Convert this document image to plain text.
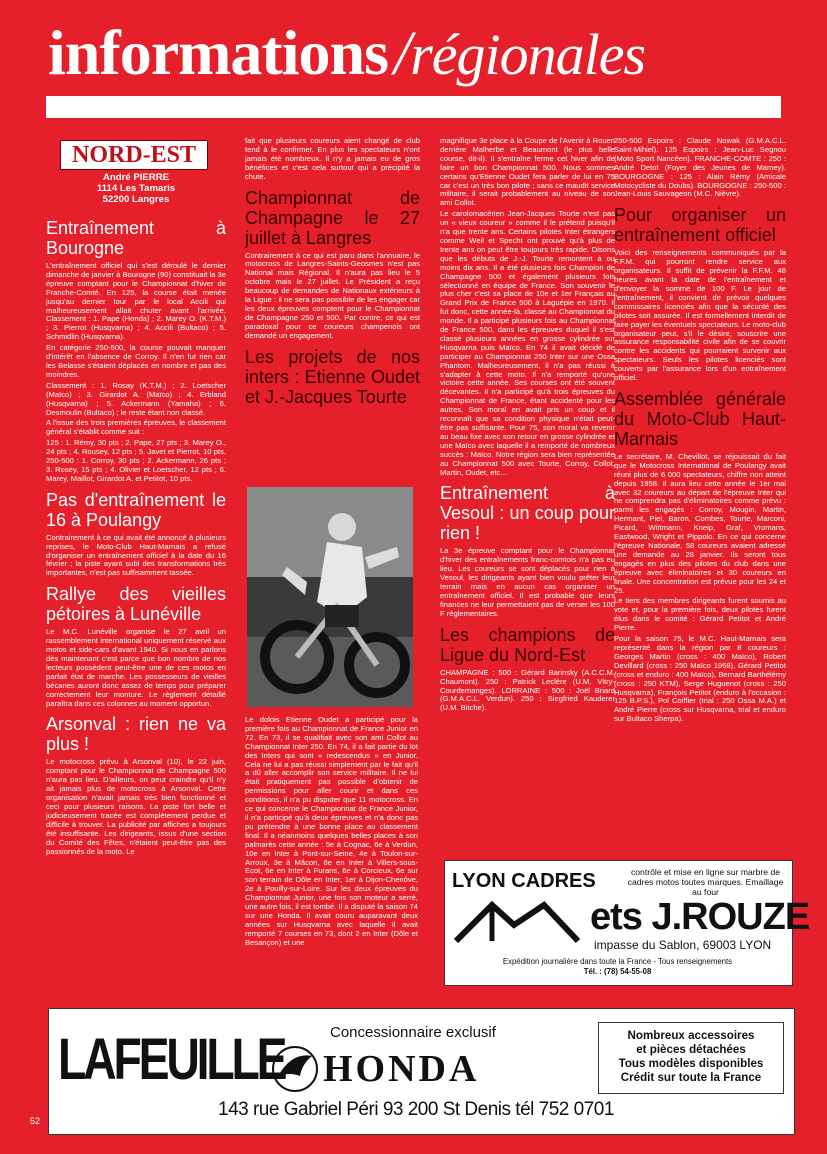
informations/régionales
NORD-EST
André PIERRE
1114 Les Tamaris
52200 Langres
Entraînement à Bourogne

L'entraînement officiel qui s'est déroulé le dernier dimanche de janvier à Bourogne (90) constituait la 3e épreuve comptant pour le Championnat d'hiver de Franche-Comté. En 125, la course était menée jusqu'au dernier tour par le local Accili qui malheureusement allait chuter avant l'arrivée. Classement : 1. Pape (Honda) ; 2. Marey O. (K.T.M.) ; 3. Pierrot (Husqvarna) ; 4. Accili (Bultaco) ; 5. Schmidlin (Husqvarna).

En catégorie 250-500, la course pouvait manquer d'intérêt en l'absence de Corroy. Il n'en fut rien car les Belasse s'étaient déplacés en nombre et pas des moindres.

Classement : 1. Rosay (K.T.M.) ; 2. Loetscher (Maïco) ; 3. Girardot A. (Maïco) ; 4. Erbland (Husqvarna) ; 5. Ackermann (Yamaha) ; 6. Desmoulin (Bultaco) ; le reste étant non classé.

A l'issue des trois premières épreuves, le classement général s'établit comme suit :

125 : 1. Rémy, 30 pts ; 2. Pape, 27 pts ; 3. Marey O., 24 pts ; 4. Rousey, 12 pts ; 5. Javet et Pierrot, 10 pts. 250-500 : 1. Corroy, 30 pts ; 2. Ackermann, 26 pts ; 3. Rosey, 15 pts ; 4. Olivier et Loetscher, 12 pts ; 6. Marey, Maillot, Girardot A. et Petitot, 10 pts.

Pas d'entraînement le 16 à Poulangy

Contrairement à ce qui avait été annoncé à plusieurs reprises, le Moto-Club Haut-Marnais a refusé d'organiser un entraînement officiel à la date du 16 février ; la piste ayant subi des transformations très importantes, n'est pas suffisamment tassée.

Rallye des vieilles pétoires à Lunéville

Le M.C. Lunéville organise le 27 avril un rassemblement international uniquement réservé aux motos et side-cars d'avant 1940. Si nous en parlons dès maintenant c'est parce que bon nombre de nos lecteurs possèdent peut-être une de ces motos en parfait état de marche. Les possesseurs de vieilles bécanes auront donc assez de temps pour préparer correctement leur monture. Le règlement détaillé paraîtra dans ces colonnes au moment opportun.

Arsonval : rien ne va plus !

Le motocross prévu à Arsonval (10), le 22 juin, comptant pour le Championnat de Champagne 500 n'aura pas lieu. D'ailleurs, on peut craindre qu'il n'y ait jamais plus de motocross à Arsonval. Cette organisation n'avait jamais très bien fonctionné et ceci pour plusieurs raisons. La piste fort belle et judicieusement tracée est complètement perdue et difficile à trouver. La publicité par affiches a toujours été insuffisante. Les dirigeants, issus d'une section du Comité des Fêtes, n'étaient peut-être pas des passionnés de la moto. Le

fait que plusieurs coureurs aient changé de club tend à le confirmer. En plus les spectateurs n'ont jamais été nombreux. Il n'y a jamais eu de gros bénéfices et c'est cela surtout qui a précipité la chute.

Championnat de Champagne le 27 juillet à Langres

Contrairement à ce qui est paru dans l'annuaire, le motocross de Langres-Saints-Geosmes n'est pas National mais Régional. Il n'aura pas lieu le 5 octobre mais le 27 juillet. Le Président a reçu beaucoup de demandes de Nationaux extérieurs à la Ligue : il ne sera pas possible de les engager car les deux épreuves comptent pour le Championnat de Champagne 250 et 500. Par contre, ce qui est paradoxal pour ce coureurs champenois ont demandé un engagement.

Les projets de nos inters : Etienne Oudet et J.-Jacques Tourte

Le dolois Etienne Oudet a participé pour la première fois au Championnat de France Junior en 72. En 73, il se qualifiait avec son ami Collot au Championnat Inter 250. En 74, il a fait partie du lot des Inters qui sont « redescendus » en Junior. Cela ne lui a pas réussi simplement par le fait qu'il a dû aller accomplir son service militaire. Il ne lui était pratiquement pas possible d'obtenir de permissions pour aller courir et dans ces conditions, il n'a pu disputer que 11 motocross. En ce qui concerne le Championnat de France Junior, il n'a participé qu'à deux épreuves et n'a donc pas pu prétendre à une bonne place au classement final. Il a néanmoins quelques belles places à son palmarès cette année : 5e à Cognac, 6e à Verdun, 10e en Inter à Pont-sur-Seine, 4e à Toulon-sur-Arroux, 3e à Mâcon, 8e en Inter à Villers-sous-Ecot, 6e en Inter à Furans, 6e à Corcieux, 6e sur son terrain de Dôle en Inter, 1er à Dijon-Chenôve, 2e à Pouilly-sur-Loire. Sur les deux épreuves du Championnat Junior, une fois son moteur a serré, une autre fois, il est tombé. Il a disputé la saison 74 sur une Honda. Il avait couru auparavant deux années sur Husqvarna avec laquelle il avait remporté 7 courses en 73, dont 2 en Inter (Dôle et Besançon) et une

magnifique 3e place à la Coupe de l'Avenir à Rouen derrière Malherbe et Beaumont (le plus belle course, dit-il). Il s'entraîne ferme cet hiver afin de faire un bon Championnat 500. Nous sommes certains qu'Etienne Oudet fera parler de lui en 75 car c'est un très bon pilote ; sans ce maudit service militaire, il serait probablement au niveau de son ami Collot.

Le carolomacérien Jean-Jacques Tourte n'est pas un « vieux coureur » comme il le prétend puisqu'il n'a que trente ans. Certains pilotes Inter étrangers comme Weil et Specht ont prouvé qu'à plus de trente ans on peut être toujours très rapide. Disons que les débuts de J.-J. Tourte remontent à ou moins dix ans. Il a été plusieurs fois Champion de Champagne 500 et également plusieurs fois sélectionné en équipe de France. Son souvenir le plus cher c'est sa place de 10e et 1er Français au Grand Prix de France 500 à Laguépie en 1970. Il fut donc, cette année-là, classé au Championnat du monde. Il a participé plusieurs fois au Championnat de France 500, dans les épreuves duquel il s'est classé plusieurs années en grosse cylindrée sur Husqvarna puis Maïco. En 74 il avait décidé de participer au Championnat 250 Inter sur une Ossa Phantom. Malheureusement, il n'a pas réussi à s'adapter à cette moto. Il n'a remporté qu'une victoire cette année. Ses courses ont été souvent décevantes. Il n'a participé qu'à trois épreuves du Championnat de France, étant accidenté pour les autres. Son moral en avait pris un coup et il reconnaît que sa condition physique n'était peut-être pas suffisante. Pour 75, son moral va revenir au beau fixe avec son retour en grosse cylindrée et une Maïco avec laquelle il a remporté de nombreux succès : Maïco. Notre région sera bien représentée au Championnat 500 avec Tourte, Corroy, Collot, Martin, Oudet, etc...

Entraînement à Vesoul : un coup pour rien !

La 3e épreuve comptant pour le Championnat d'hiver des entraînements franc-comtois n'a pas eu lieu. Les coureurs se sont déplacés pour rien à Vesoul, les dirigeants ayant bien voulu prêter leur terrain mais en aucun cas organiser un entraînement officiel. Il est probable que leurs finances ne leur permettaient pas de verser les 100 F réglementaires.

Les champions de Ligue du Nord-Est

CHAMPAGNE : 500 : Gérard Barinsky (A.C.C.M. Chaumont). 250 : Patrick Leclère (U.M. Vitry-Courdemanges). LORRAINE : 500 : Joël Briard (G.M.A.C.L. Verdun). 250 : Siegfried Kauderer (U.M. Bitche).

250-500 Espoirs : Claude Nowak (G.M.A.C.L. Saint-Mihiel). 125 Espoirs : Jean-Luc Segnou (Moto Sport Nancéen). FRANCHE-COMTE : 250 : André Detot (Foyer des Jeunes de Mamey). BOURGOGNE : 125 : Alain Rémy (Amicale Motocycliste du Doubs). BOURGOGNE : 250-500 : Jean-Louis Sauvageon (M.C. Nièvre).

Pour organiser un entraînement officiel

Voici des renseignements communiqués par la F.F.M. qui pourront rendre service aux organisateurs. Il suffit de prévenir la F.F.M. 48 heures avant la date de l'entraînement et d'envoyer la somme de 100 F. Le jour de l'entraînement, il convient de prévoir quelques commissaires licenciés afin que la sécurité des pilotes soit assurée. Il est formellement interdit de faire payer les éventuels spectateurs. Le moto-club organisateur peut, s'il le désire, souscrire une assurance responsabilité civile afin de se couvrir contre les accidents qui pourraient survenir aux spectateurs. Seuls les pilotes licenciés sont couverts par l'assurance lors d'un entraînement officiel.

Assemblée générale du Moto-Club Haut-Marnais

Le secrétaire, M. Chevillot, se réjouissait du fait que le Motocross International de Poulangy avait réuni plus de 6 000 spectateurs, chiffre non atteint depuis 1958. Il aura lieu cette année le 1er mai avec 32 coureurs au départ de l'épreuve Inter qui ne comprendra pas d'éliminatoires comme prévu : parmi les engagés : Corroy, Mougin, Martin, Hermant, Piel, Baron, Combes, Tourte, Marconi, Picard, Wittmann, Kneip, Graf, Vromans, Eastwood, Wright et Pippolo. En ce qui concerne l'épreuve Nationale, 58 coureurs avaient adressé une demande au 28 janvier. Ils seront tous engagés en plus des pilotes du club dans une épreuve avec éliminatoires et 30 coureurs en finale. Une concentration est prévue pour les 24 et 25.

Le tiers des membres dirigeants furent soumis au vote et, pour la première fois, deux pilotes furent élus dans le comité : Gérard Petitot et André Pierre.

Pour la saison 75, le M.C. Haut-Marnais sera représenté dans la région par 8 coureurs : Georges Martin (cross : 400 Maïco), Robert Devillard (cross : 250 Maïco 1968), Gérard Petitot (cross et enduro : 400 Maïco), Bernard Barthélémy (cross : 250 KTM), Serge Huguenot (cross : 250 Husqvarna), François Petitot (enduro à l'occasion : 125 B.P.S.), Pol Coiffier (trial : 250 Ossa M.A.) et André Pierre (cross sur Husqvarna, trial et enduro sur Bultaco Sherpa).

LYON CADRES	contrôle et mise en ligne sur marbre de cadres motos toutes marques. Emaillage au four
ets J.ROUZE
impasse du Sablon, 69003 LYON
Expédition journalière dans toute la France - Tous renseignements
Tél. : (78) 54-55-08
LAFEUILLE	Concessionnaire exclusif
HONDA
Nombreux accessoires
et pièces détachées
Tous modèles disponibles
Crédit sur toute la France
143 rue Gabriel Péri 93 200 St Denis tél 752 0701
52
